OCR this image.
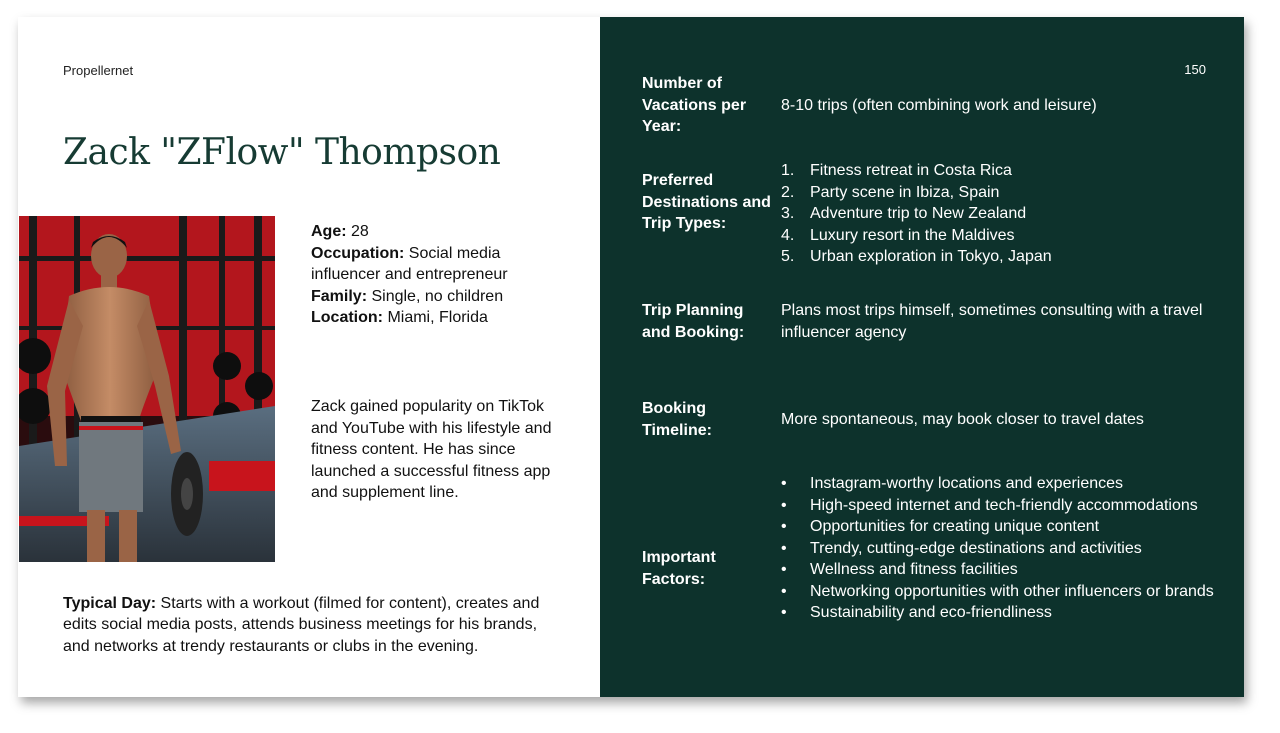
Propellernet
Zack "ZFlow" Thompson
Age: 28
Occupation: Social media influencer and entrepreneur
Family: Single, no children
Location: Miami, Florida
Zack gained popularity on TikTok and YouTube with his lifestyle and fitness content. He has since launched a successful fitness app and supplement line.
Typical Day: Starts with a workout (filmed for content), creates and edits social media posts, attends business meetings for his brands, and networks at trendy restaurants or clubs in the evening.
150
Number of Vacations per Year:
8-10 trips (often combining work and leisure)
Preferred Destinations and Trip Types:
1. Fitness retreat in Costa Rica
2. Party scene in Ibiza, Spain
3. Adventure trip to New Zealand
4. Luxury resort in the Maldives
5. Urban exploration in Tokyo, Japan
Trip Planning and Booking:
Plans most trips himself, sometimes consulting with a travel influencer agency
Booking Timeline:
More spontaneous, may book closer to travel dates
Important Factors:
• Instagram-worthy locations and experiences
• High-speed internet and tech-friendly accommodations
• Opportunities for creating unique content
• Trendy, cutting-edge destinations and activities
• Wellness and fitness facilities
• Networking opportunities with other influencers or brands
• Sustainability and eco-friendliness
